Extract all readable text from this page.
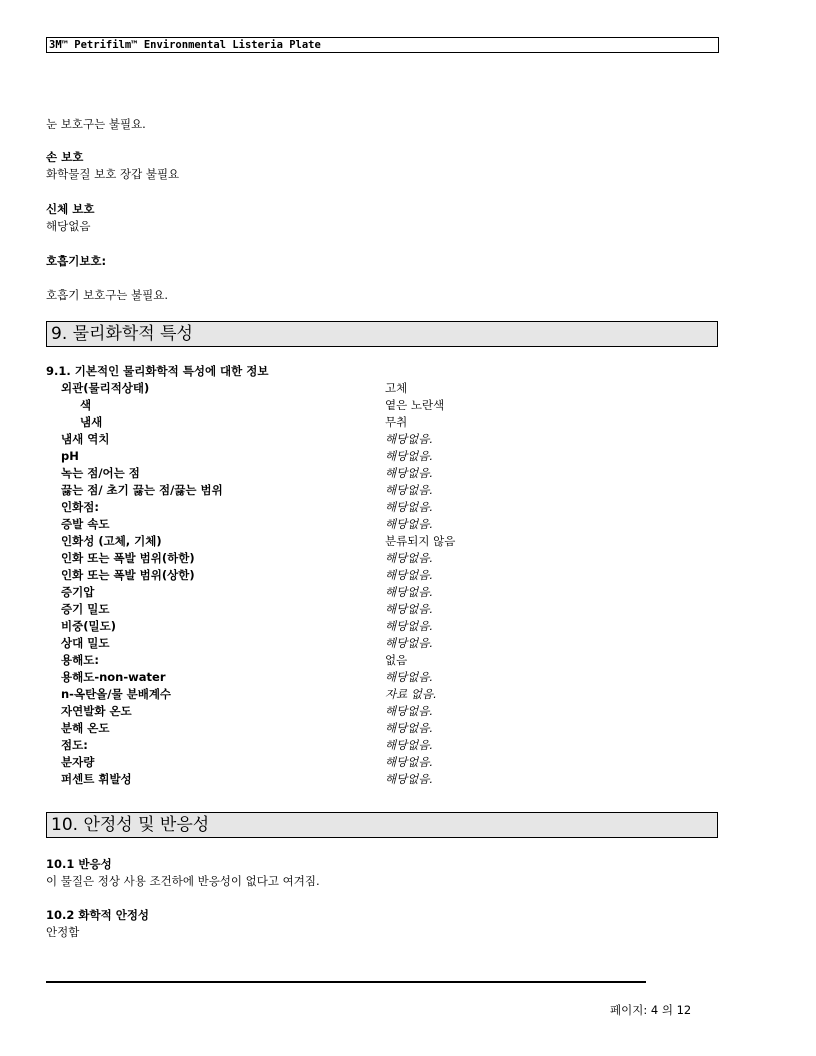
3M™ Petrifilm™ Environmental Listeria Plate
눈 보호구는 불필요.
손 보호
화학물질 보호 장갑 불필요
신체 보호
해당없음
호흡기보호:
호흡기 보호구는 불필요.
9. 물리화학적 특성
9.1. 기본적인 물리화학적 특성에 대한 정보
외관(물리적상태)	고체
색	옅은 노란색
냄새	무취
냄새 역치	해당없음.
pH	해당없음.
녹는 점/어는 점	해당없음.
끓는 점/ 초기 끓는 점/끓는 범위	해당없음.
인화점:	해당없음.
증발 속도	해당없음.
인화성 (고체, 기체)	분류되지 않음
인화 또는 폭발 범위(하한)	해당없음.
인화 또는 폭발 범위(상한)	해당없음.
증기압	해당없음.
증기 밀도	해당없음.
비중(밀도)	해당없음.
상대 밀도	해당없음.
용해도:	없음
용해도-non-water	해당없음.
n-옥탄올/물 분배계수	자료 없음.
자연발화 온도	해당없음.
분해 온도	해당없음.
점도:	해당없음.
분자량	해당없음.
퍼센트 휘발성	해당없음.
10. 안정성 및 반응성
10.1 반응성
이 물질은 정상 사용 조건하에 반응성이 없다고 여겨짐.
10.2 화학적 안정성
안정함
페이지: 4 의 12
